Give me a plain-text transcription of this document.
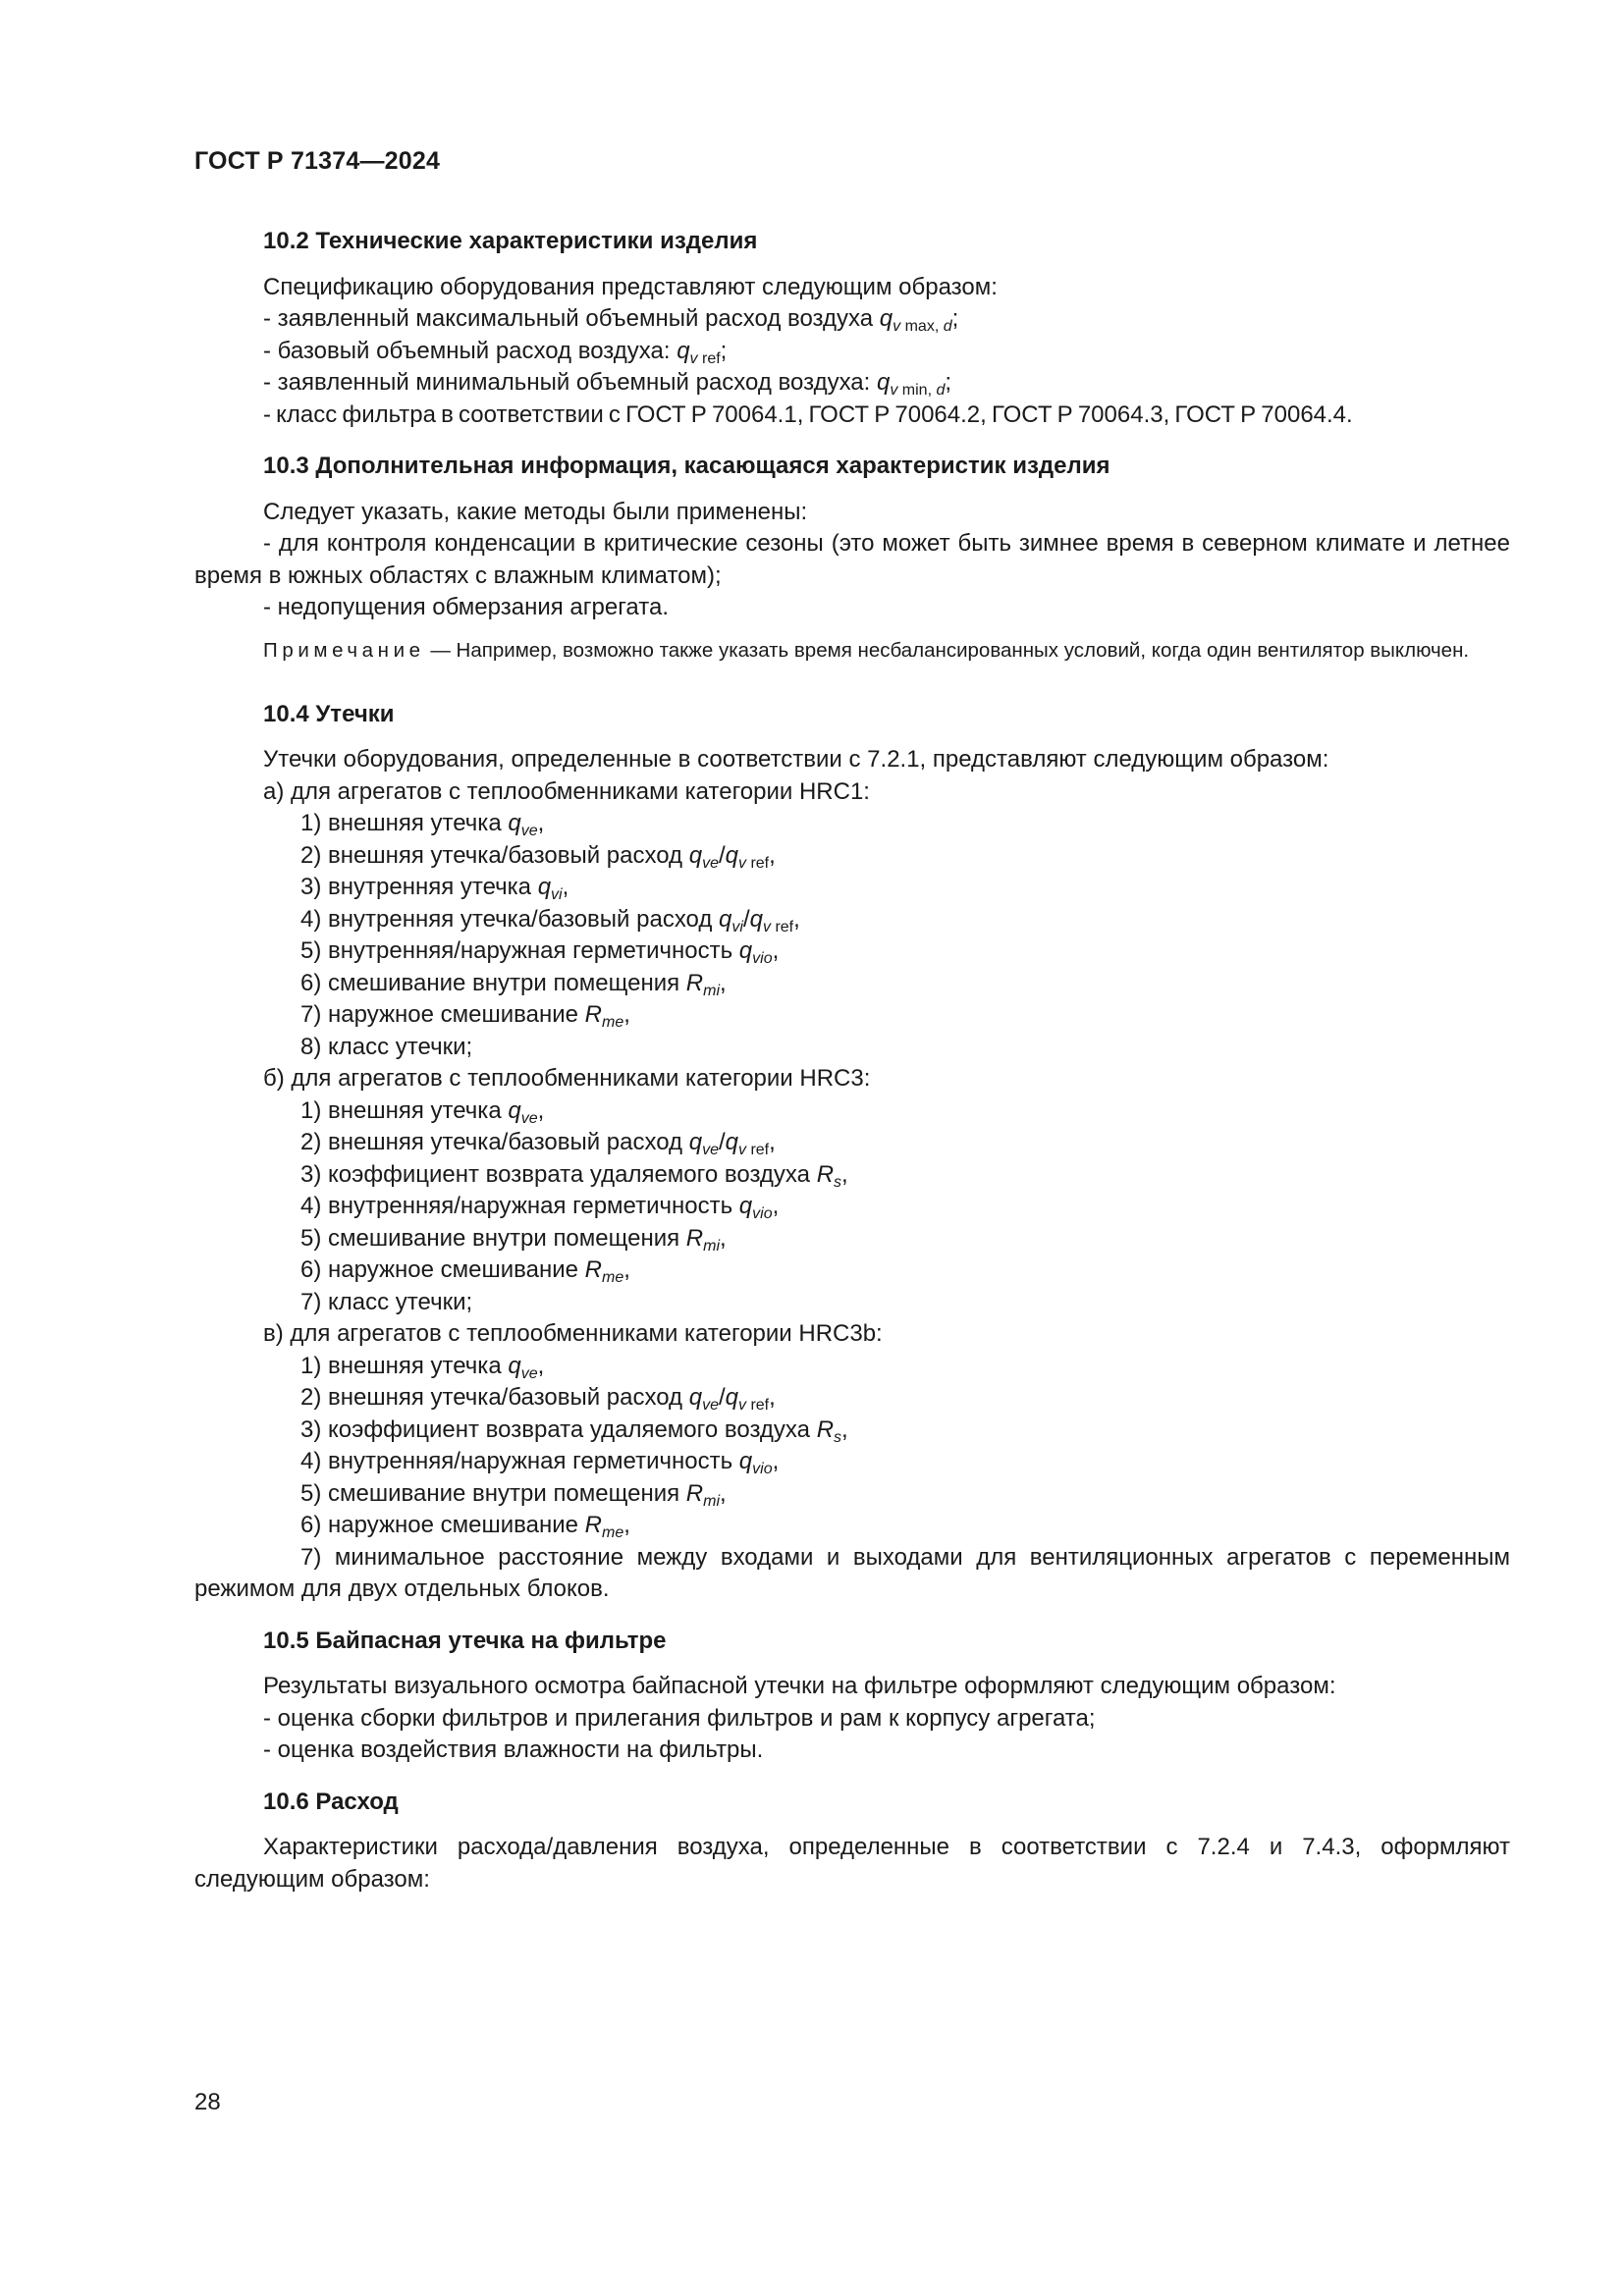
ГОСТ Р 71374—2024
10.2 Технические характеристики изделия

Спецификацию оборудования представляют следующим образом:

- заявленный максимальный объемный расход воздуха $q_{v max, d}$;

- базовый объемный расход воздуха: $q_{v ref}$;

- заявленный минимальный объемный расход воздуха: $q_{v min, d}$;

- класс фильтра в соответствии с ГОСТ Р 70064.1, ГОСТ Р 70064.2, ГОСТ Р 70064.3, ГОСТ Р 70064.4.

10.3 Дополнительная информация, касающаяся характеристик изделия

Следует указать, какие методы были применены:

- для контроля конденсации в критические сезоны (это может быть зимнее время в северном климате и летнее время в южных областях с влажным климатом);

- недопущения обмерзания агрегата.

Примечание — Например, возможно также указать время несбалансированных условий, когда один вентилятор выключен.

10.4 Утечки

Утечки оборудования, определенные в соответствии с 7.2.1, представляют следующим образом:

а) для агрегатов с теплообменниками категории HRC1:

1) внешняя утечка $q_{ve}$,

2) внешняя утечка/базовый расход $q_{ve}/q_{v ref}$,

3) внутренняя утечка $q_{vi}$,

4) внутренняя утечка/базовый расход $q_{vi}/q_{v ref}$,

5) внутренняя/наружная герметичность $q_{vio}$,

6) смешивание внутри помещения $R_{mi}$,

7) наружное смешивание $R_{me}$,

8) класс утечки;

б) для агрегатов с теплообменниками категории HRC3:

1) внешняя утечка $q_{ve}$,

2) внешняя утечка/базовый расход $q_{ve}/q_{v ref}$,

3) коэффициент возврата удаляемого воздуха $R_s$,

4) внутренняя/наружная герметичность $q_{vio}$,

5) смешивание внутри помещения $R_{mi}$,

6) наружное смешивание $R_{me}$,

7) класс утечки;

в) для агрегатов с теплообменниками категории HRC3b:

1) внешняя утечка $q_{ve}$,

2) внешняя утечка/базовый расход $q_{ve}/q_{v ref}$,

3) коэффициент возврата удаляемого воздуха $R_s$,

4) внутренняя/наружная герметичность $q_{vio}$,

5) смешивание внутри помещения $R_{mi}$,

6) наружное смешивание $R_{me}$,

7) минимальное расстояние между входами и выходами для вентиляционных агрегатов с переменным режимом для двух отдельных блоков.

10.5 Байпасная утечка на фильтре

Результаты визуального осмотра байпасной утечки на фильтре оформляют следующим образом:

- оценка сборки фильтров и прилегания фильтров и рам к корпусу агрегата;

- оценка воздействия влажности на фильтры.

10.6 Расход

Характеристики расхода/давления воздуха, определенные в соответствии с 7.2.4 и 7.4.3, оформляют следующим образом:

28
